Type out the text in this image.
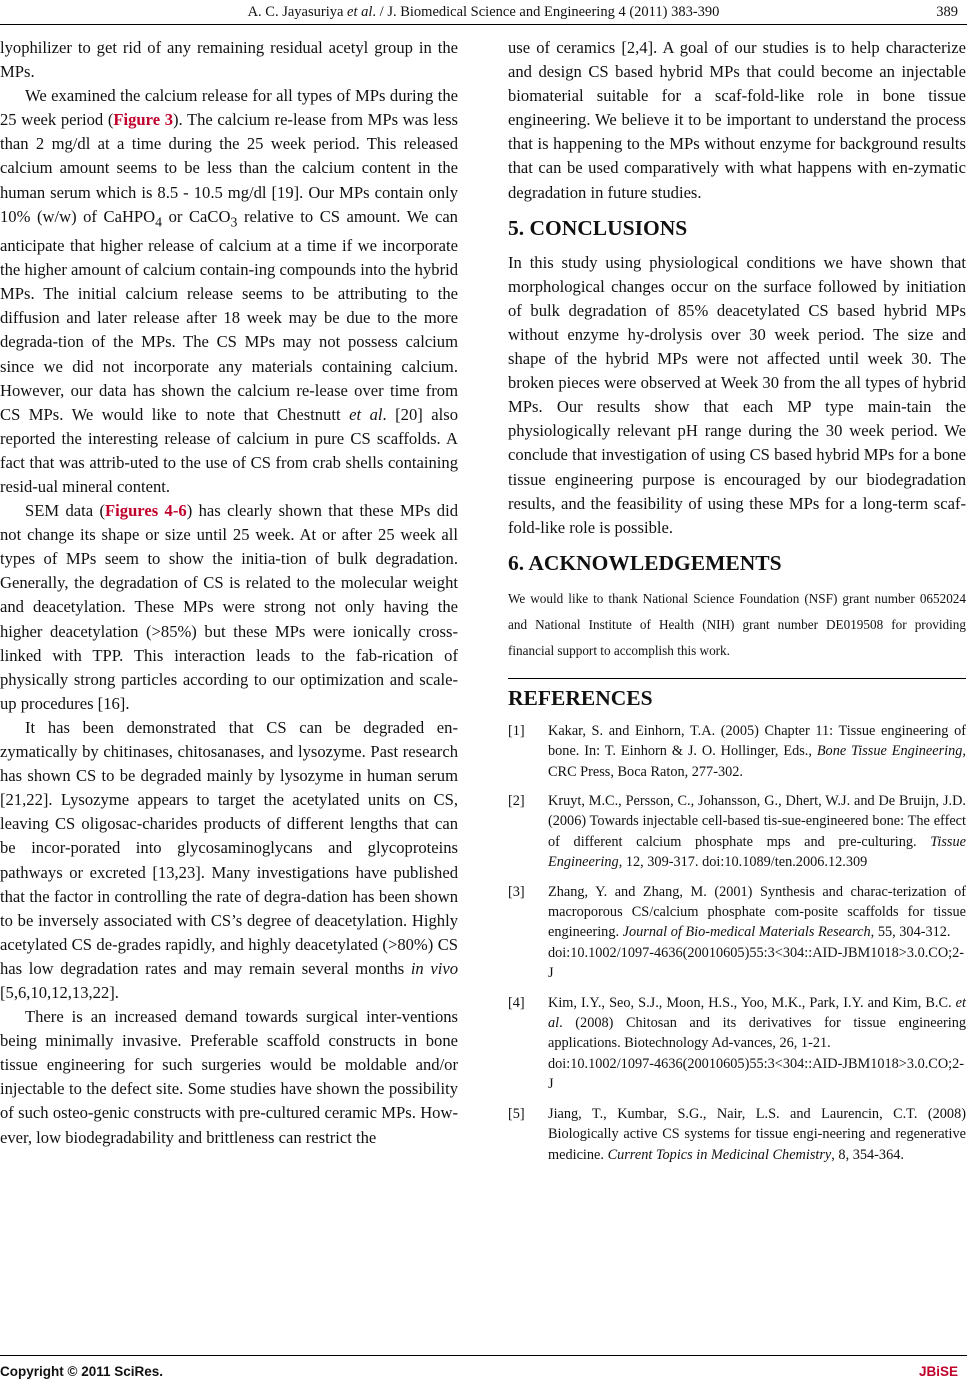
A. C. Jayasuriya et al. / J. Biomedical Science and Engineering 4 (2011) 383-390	389

lyophilizer to get rid of any remaining residual acetyl group in the MPs.

We examined the calcium release for all types of MPs during the 25 week period (Figure 3). The calcium re-lease from MPs was less than 2 mg/dl at a time during the 25 week period. This released calcium amount seems to be less than the calcium content in the human serum which is 8.5 - 10.5 mg/dl [19]. Our MPs contain only 10% (w/w) of CaHPO$_4$ or CaCO$_3$ relative to CS amount. We can anticipate that higher release of calcium at a time if we incorporate the higher amount of calcium contain-ing compounds into the hybrid MPs. The initial calcium release seems to be attributing to the diffusion and later release after 18 week may be due to the more degrada-tion of the MPs. The CS MPs may not possess calcium since we did not incorporate any materials containing calcium. However, our data has shown the calcium re-lease over time from CS MPs. We would like to note that Chestnutt et al. [20] also reported the interesting release of calcium in pure CS scaffolds. A fact that was attrib-uted to the use of CS from crab shells containing resid-ual mineral content.

SEM data (Figures 4-6) has clearly shown that these MPs did not change its shape or size until 25 week. At or after 25 week all types of MPs seem to show the initia-tion of bulk degradation. Generally, the degradation of CS is related to the molecular weight and deacetylation. These MPs were strong not only having the higher deacetylation (>85%) but these MPs were ionically cross-linked with TPP. This interaction leads to the fab-rication of physically strong particles according to our optimization and scale-up procedures [16].

It has been demonstrated that CS can be degraded en-zymatically by chitinases, chitosanases, and lysozyme. Past research has shown CS to be degraded mainly by lysozyme in human serum [21,22]. Lysozyme appears to target the acetylated units on CS, leaving CS oligosac-charides products of different lengths that can be incor-porated into glycosaminoglycans and glycoproteins pathways or excreted [13,23]. Many investigations have published that the factor in controlling the rate of degra-dation has been shown to be inversely associated with CS’s degree of deacetylation. Highly acetylated CS de-grades rapidly, and highly deacetylated (>80%) CS has low degradation rates and may remain several months in vivo [5,6,10,12,13,22].

There is an increased demand towards surgical inter-ventions being minimally invasive. Preferable scaffold constructs in bone tissue engineering for such surgeries would be moldable and/or injectable to the defect site. Some studies have shown the possibility of such osteo-genic constructs with pre-cultured ceramic MPs. How-ever, low biodegradability and brittleness can restrict the

use of ceramics [2,4]. A goal of our studies is to help characterize and design CS based hybrid MPs that could become an injectable biomaterial suitable for a scaf-fold-like role in bone tissue engineering. We believe it to be important to understand the process that is happening to the MPs without enzyme for background results that can be used comparatively with what happens with en-zymatic degradation in future studies.

5. CONCLUSIONS

In this study using physiological conditions we have shown that morphological changes occur on the surface followed by initiation of bulk degradation of 85% deacetylated CS based hybrid MPs without enzyme hy-drolysis over 30 week period. The size and shape of the hybrid MPs were not affected until week 30. The broken pieces were observed at Week 30 from the all types of hybrid MPs. Our results show that each MP type main-tain the physiologically relevant pH range during the 30 week period. We conclude that investigation of using CS based hybrid MPs for a bone tissue engineering purpose is encouraged by our biodegradation results, and the feasibility of using these MPs for a long-term scaf-fold-like role is possible.

6. ACKNOWLEDGEMENTS

We would like to thank National Science Foundation (NSF) grant number 0652024 and National Institute of Health (NIH) grant number DE019508 for providing financial support to accomplish this work.

REFERENCES
[1]	Kakar, S. and Einhorn, T.A. (2005) Chapter 11: Tissue engineering of bone. In: T. Einhorn & J. O. Hollinger, Eds., Bone Tissue Engineering, CRC Press, Boca Raton, 277-302.
[2]	Kruyt, M.C., Persson, C., Johansson, G., Dhert, W.J. and De Bruijn, J.D. (2006) Towards injectable cell-based tis-sue-engineered bone: The effect of different calcium phosphate mps and pre-culturing. Tissue Engineering, 12, 309-317. doi:10.1089/ten.2006.12.309
[3]	Zhang, Y. and Zhang, M. (2001) Synthesis and charac-terization of macroporous CS/calcium phosphate com-posite scaffolds for tissue engineering. Journal of Bio-medical Materials Research, 55, 304-312.
doi:10.1002/1097-4636(20010605)55:3<304::AID-JBM1018>3.0.CO;2-J
[4]	Kim, I.Y., Seo, S.J., Moon, H.S., Yoo, M.K., Park, I.Y. and Kim, B.C. et al. (2008) Chitosan and its derivatives for tissue engineering applications. Biotechnology Ad-vances, 26, 1-21.
doi:10.1002/1097-4636(20010605)55:3<304::AID-JBM1018>3.0.CO;2-J
[5]	Jiang, T., Kumbar, S.G., Nair, L.S. and Laurencin, C.T. (2008) Biologically active CS systems for tissue engi-neering and regenerative medicine. Current Topics in Medicinal Chemistry, 8, 354-364.
Copyright © 2011 SciRes.	JBiSE
